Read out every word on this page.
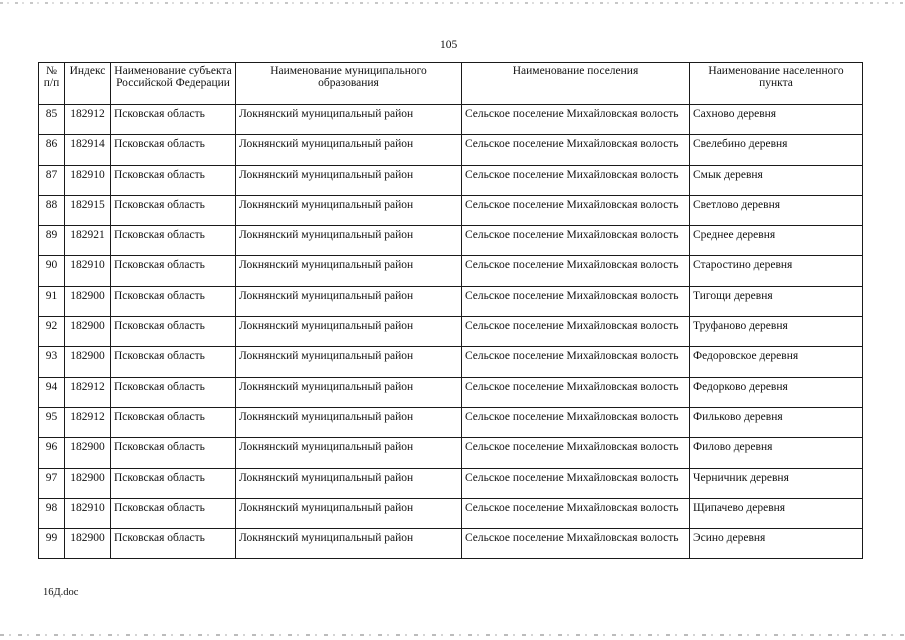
105
№ п/п	Индекс	Наименование субъекта Российской Федерации	Наименование муниципального образования	Наименование поселения	Наименование населенного пункта
85	182912	Псковская область	Локнянский муниципальный район	Сельское поселение Михайловская волость	Сахново деревня
86	182914	Псковская область	Локнянский муниципальный район	Сельское поселение Михайловская волость	Свелебино деревня
87	182910	Псковская область	Локнянский муниципальный район	Сельское поселение Михайловская волость	Смык деревня
88	182915	Псковская область	Локнянский муниципальный район	Сельское поселение Михайловская волость	Светлово деревня
89	182921	Псковская область	Локнянский муниципальный район	Сельское поселение Михайловская волость	Среднее деревня
90	182910	Псковская область	Локнянский муниципальный район	Сельское поселение Михайловская волость	Старостино деревня
91	182900	Псковская область	Локнянский муниципальный район	Сельское поселение Михайловская волость	Тигощи деревня
92	182900	Псковская область	Локнянский муниципальный район	Сельское поселение Михайловская волость	Труфаново деревня
93	182900	Псковская область	Локнянский муниципальный район	Сельское поселение Михайловская волость	Федоровское деревня
94	182912	Псковская область	Локнянский муниципальный район	Сельское поселение Михайловская волость	Федорково деревня
95	182912	Псковская область	Локнянский муниципальный район	Сельское поселение Михайловская волость	Фильково деревня
96	182900	Псковская область	Локнянский муниципальный район	Сельское поселение Михайловская волость	Филово деревня
97	182900	Псковская область	Локнянский муниципальный район	Сельское поселение Михайловская волость	Черничник деревня
98	182910	Псковская область	Локнянский муниципальный район	Сельское поселение Михайловская волость	Щипачево деревня
99	182900	Псковская область	Локнянский муниципальный район	Сельское поселение Михайловская волость	Эсино деревня
16Д.doc
